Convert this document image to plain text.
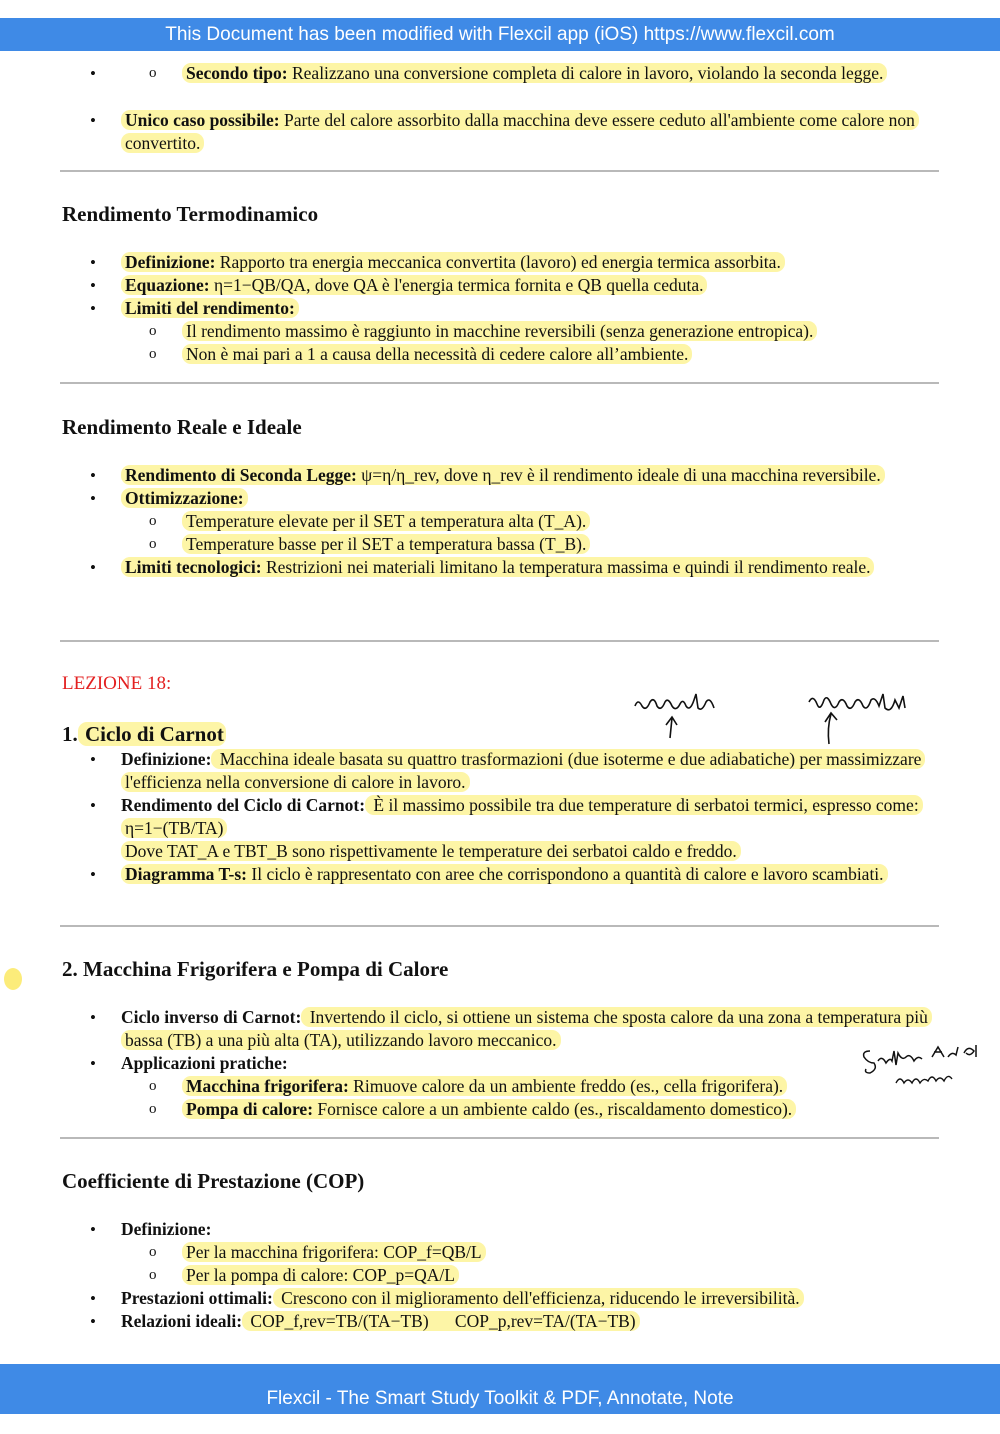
This Document has been modified with Flexcil app (iOS) https://www.flexcil.com
o • Secondo tipo: Realizzano una conversione completa di calore in lavoro, violando la seconda legge.
• Unico caso possibile: Parte del calore assorbito dalla macchina deve essere ceduto all'ambiente come calore non convertito.
Rendimento Termodinamico
• Definizione: Rapporto tra energia meccanica convertita (lavoro) ed energia termica assorbita.
• Equazione: η=1−QB/QA, dove QA è l'energia termica fornita e QB quella ceduta.
• Limiti del rendimento:
o Il rendimento massimo è raggiunto in macchine reversibili (senza generazione entropica).
o Non è mai pari a 1 a causa della necessità di cedere calore all’ambiente.
Rendimento Reale e Ideale
• Rendimento di Seconda Legge: ψ=η/η_rev, dove η_rev è il rendimento ideale di una macchina reversibile.
• Ottimizzazione:
o Temperature elevate per il SET a temperatura alta (T_A).
o Temperature basse per il SET a temperatura bassa (T_B).
• Limiti tecnologici: Restrizioni nei materiali limitano la temperatura massima e quindi il rendimento reale.
LEZIONE 18:
1. Ciclo di Carnot
• Definizione: Macchina ideale basata su quattro trasformazioni (due isoterme e due adiabatiche) per massimizzare l'efficienza nella conversione di calore in lavoro.
• Rendimento del Ciclo di Carnot: È il massimo possibile tra due temperature di serbatoi termici, espresso come: η=1−(TB/TA)
Dove TAT_A e TBT_B sono rispettivamente le temperature dei serbatoi caldo e freddo.
• Diagramma T-s: Il ciclo è rappresentato con aree che corrispondono a quantità di calore e lavoro scambiati.
2. Macchina Frigorifera e Pompa di Calore
• Ciclo inverso di Carnot: Invertendo il ciclo, si ottiene un sistema che sposta calore da una zona a temperatura più bassa (TB) a una più alta (TA), utilizzando lavoro meccanico.
• Applicazioni pratiche:
o Macchina frigorifera: Rimuove calore da un ambiente freddo (es., cella frigorifera).
o Pompa di calore: Fornisce calore a un ambiente caldo (es., riscaldamento domestico).
Coefficiente di Prestazione (COP)
• Definizione:
o Per la macchina frigorifera: COP_f=QB/L
o Per la pompa di calore: COP_p=QA/L
• Prestazioni ottimali: Crescono con il miglioramento dell'efficienza, riducendo le irreversibilità.
• Relazioni ideali: COP_f,rev=TB/(TA−TB)      COP_p,rev=TA/(TA−TB)
Flexcil - The Smart Study Toolkit & PDF, Annotate, Note
